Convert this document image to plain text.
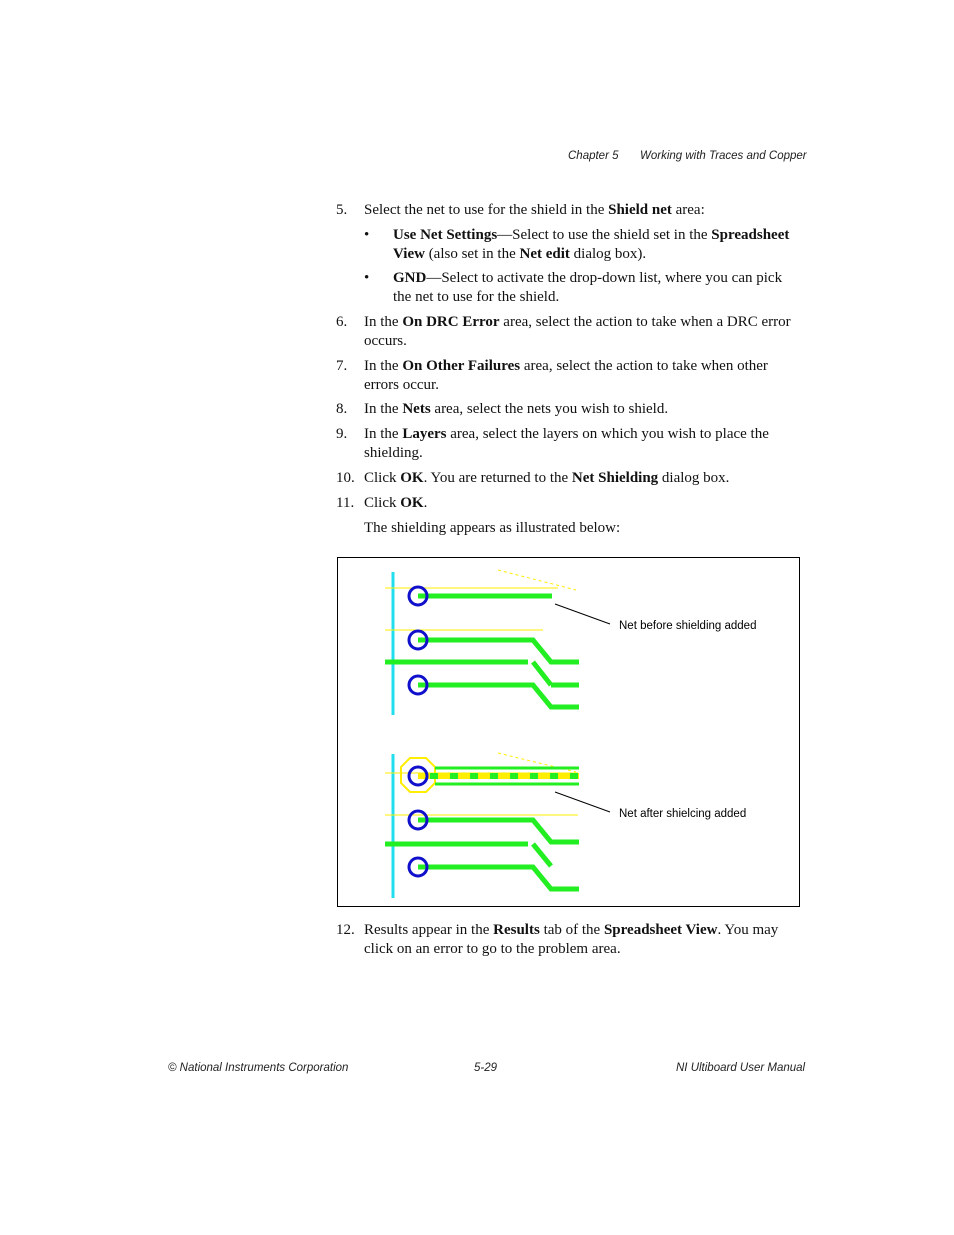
Chapter 5 Working with Traces and Copper
5.	Select the net to use for the shield in the Shield net area:
• Use Net Settings—Select to use the shield set in the Spreadsheet View (also set in the Net edit dialog box).
• GND—Select to activate the drop-down list, where you can pick the net to use for the shield.
6.	In the On DRC Error area, select the action to take when a DRC error occurs.
7.	In the On Other Failures area, select the action to take when other errors occur.
8.	In the Nets area, select the nets you wish to shield.
9.	In the Layers area, select the layers on which you wish to place the shielding.
10. Click OK. You are returned to the Net Shielding dialog box.
11. Click OK.
The shielding appears as illustrated below:
Net before shielding added
Net after shielcing added
12. Results appear in the Results tab of the Spreadsheet View. You may click on an error to go to the problem area.
© National Instruments Corporation	5-29	NI Ultiboard User Manual
